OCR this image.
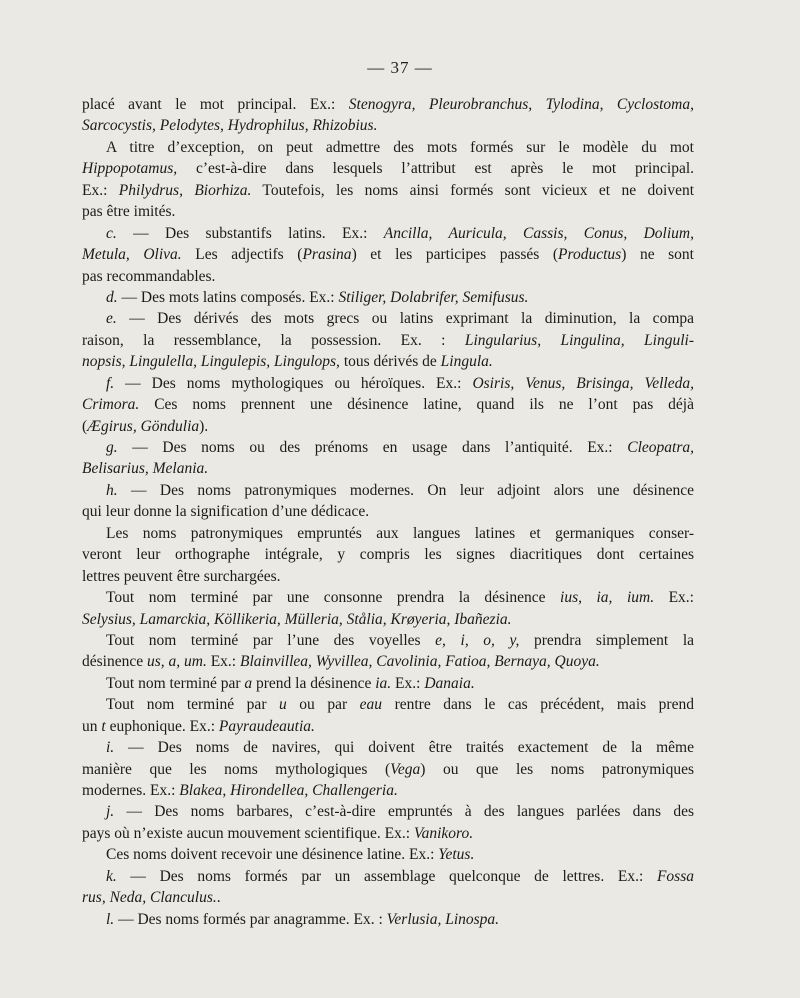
— 37 —
placé avant le mot principal. Ex.: Stenogyra, Pleurobranchus, Tylodina, Cyclostoma,
Sarcocystis, Pelodytes, Hydrophilus, Rhizobius.
A titre d’exception, on peut admettre des mots formés sur le modèle du mot
Hippopotamus, c’est-à-dire dans lesquels l’attribut est après le mot principal.
Ex.: Philydrus, Biorhiza. Toutefois, les noms ainsi formés sont vicieux et ne doivent
pas être imités.
c. — Des substantifs latins. Ex.: Ancilla, Auricula, Cassis, Conus, Dolium,
Metula, Oliva. Les adjectifs (Prasina) et les participes passés (Productus) ne sont
pas recommandables.
d. — Des mots latins composés. Ex.: Stiliger, Dolabrifer, Semifusus.
e. — Des dérivés des mots grecs ou latins exprimant la diminution, la compa
raison, la ressemblance, la possession. Ex. : Lingularius, Lingulina, Linguli-
nopsis, Lingulella, Lingulepis, Lingulops, tous dérivés de Lingula.
f. — Des noms mythologiques ou héroïques. Ex.: Osiris, Venus, Brisinga, Velleda,
Crimora. Ces noms prennent une désinence latine, quand ils ne l’ont pas déjà
(Ægirus, Göndulia).
g. — Des noms ou des prénoms en usage dans l’antiquité. Ex.: Cleopatra,
Belisarius, Melania.
h. — Des noms patronymiques modernes. On leur adjoint alors une désinence
qui leur donne la signification d’une dédicace.
Les noms patronymiques empruntés aux langues latines et germaniques conser-
veront leur orthographe intégrale, y compris les signes diacritiques dont certaines
lettres peuvent être surchargées.
Tout nom terminé par une consonne prendra la désinence ius, ia, ium. Ex.:
Selysius, Lamarckia, Köllikeria, Mülleria, Stålia, Krøyeria, Ibañezia.
Tout nom terminé par l’une des voyelles e, i, o, y, prendra simplement la
désinence us, a, um. Ex.: Blainvillea, Wyvillea, Cavolinia, Fatioa, Bernaya, Quoya.
Tout nom terminé par a prend la désinence ia. Ex.: Danaia.
Tout nom terminé par u ou par eau rentre dans le cas précédent, mais prend
un t euphonique. Ex.: Payraudeautia.
i. — Des noms de navires, qui doivent être traités exactement de la même
manière que les noms mythologiques (Vega) ou que les noms patronymiques
modernes. Ex.: Blakea, Hirondellea, Challengeria.
j. — Des noms barbares, c’est-à-dire empruntés à des langues parlées dans des
pays où n’existe aucun mouvement scientifique. Ex.: Vanikoro.
Ces noms doivent recevoir une désinence latine. Ex.: Yetus.
k. — Des noms formés par un assemblage quelconque de lettres. Ex.: Fossa
rus, Neda, Clanculus..
l. — Des noms formés par anagramme. Ex. : Verlusia, Linospa.
